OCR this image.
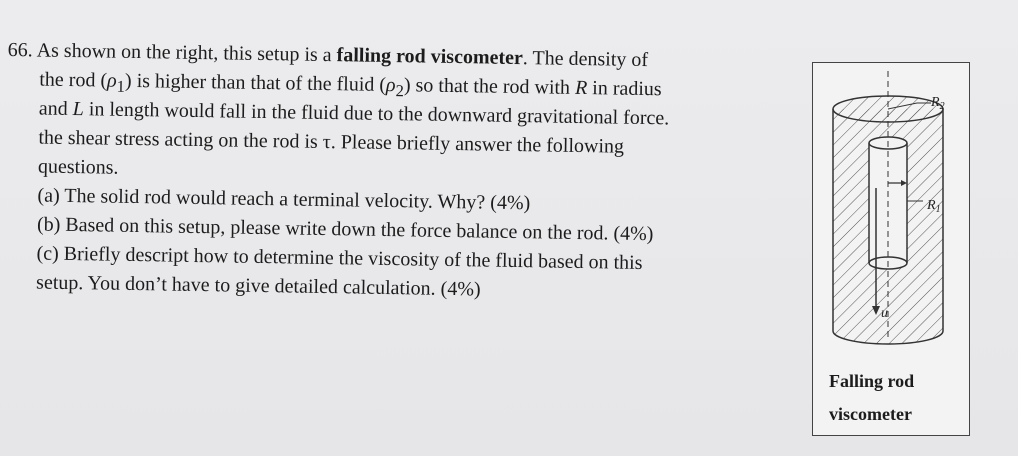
66. As shown on the right, this setup is a falling rod viscometer. The density of
the rod $(\rho_1)$ is higher than that of the fluid $(\rho_2)$ so that the rod with R in radius
and L in length would fall in the fluid due to the downward gravitational force.
the shear stress acting on the rod is τ. Please briefly answer the following
questions.
(a) The solid rod would reach a terminal velocity. Why? (4%)
(b) Based on this setup, please write down the force balance on the rod. (4%)
(c) Briefly descript how to determine the viscosity of the fluid based on this
setup. You don’t have to give detailed calculation. (4%)
$R_2$
$R_1$
u
Falling rod
viscometer
